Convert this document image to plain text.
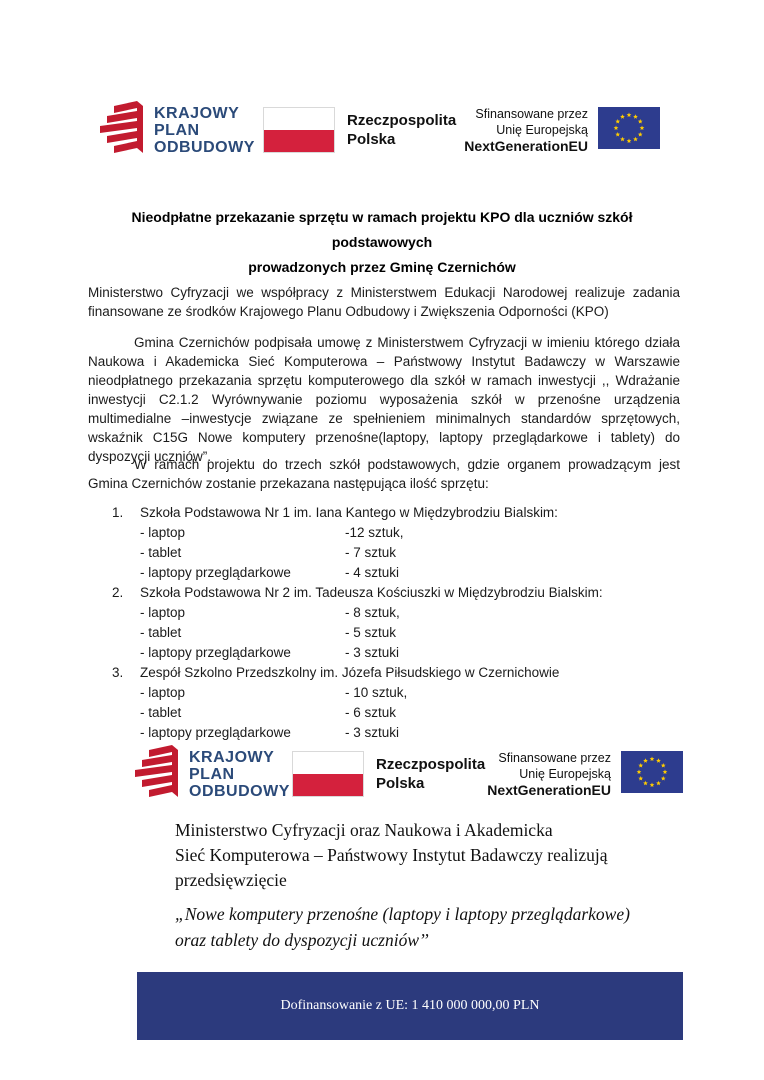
KRAJOWY
PLAN
ODBUDOWY
Rzeczpospolita
Polska
Sfinansowane przez
Unię Europejską
NextGenerationEU
Nieodpłatne przekazanie sprzętu w ramach projektu KPO dla uczniów szkół podstawowych
prowadzonych przez Gminę Czernichów
Ministerstwo Cyfryzacji we współpracy z Ministerstwem Edukacji Narodowej realizuje zadania finansowane ze środków Krajowego Planu Odbudowy i Zwiększenia Odporności (KPO)
Gmina Czernichów podpisała umowę z Ministerstwem Cyfryzacji w imieniu którego działa Naukowa i Akademicka Sieć Komputerowa – Państwowy Instytut Badawczy w Warszawie nieodpłatnego przekazania sprzętu komputerowego dla szkół w ramach inwestycji ,, Wdrażanie inwestycji C2.1.2 Wyrównywanie poziomu wyposażenia szkół w przenośne urządzenia multimedialne –inwestycje związane ze spełnieniem minimalnych standardów sprzętowych, wskaźnik C15G Nowe komputery przenośne(laptopy, laptopy przeglądarkowe i tablety) do dyspozycji uczniów”.
W ramach projektu do trzech szkół podstawowych, gdzie organem prowadzącym jest Gmina Czernichów zostanie przekazana następująca ilość sprzętu:
1.	Szkoła Podstawowa Nr 1 im. Iana Kantego w Międzybrodziu Bialskim:
- laptop	-12 sztuk,
- tablet	- 7 sztuk
- laptopy przeglądarkowe	- 4 sztuki
2.	Szkoła Podstawowa Nr 2 im. Tadeusza Kościuszki w Międzybrodziu Bialskim:
- laptop	- 8 sztuk,
- tablet	- 5 sztuk
- laptopy przeglądarkowe	- 3 sztuki
3.	Zespół Szkolno Przedszkolny im. Józefa Piłsudskiego w Czernichowie
- laptop	- 10 sztuk,
- tablet	- 6 sztuk
- laptopy przeglądarkowe	- 3 sztuki
KRAJOWY
PLAN
ODBUDOWY
Rzeczpospolita
Polska
Sfinansowane przez
Unię Europejską
NextGenerationEU
Ministerstwo Cyfryzacji oraz Naukowa i Akademicka
Sieć Komputerowa – Państwowy Instytut Badawczy realizują
przedsięwzięcie
„Nowe komputery przenośne (laptopy i laptopy przeglądarkowe)
oraz tablety do dyspozycji uczniów’’
Dofinansowanie z UE: 1 410 000 000,00 PLN
